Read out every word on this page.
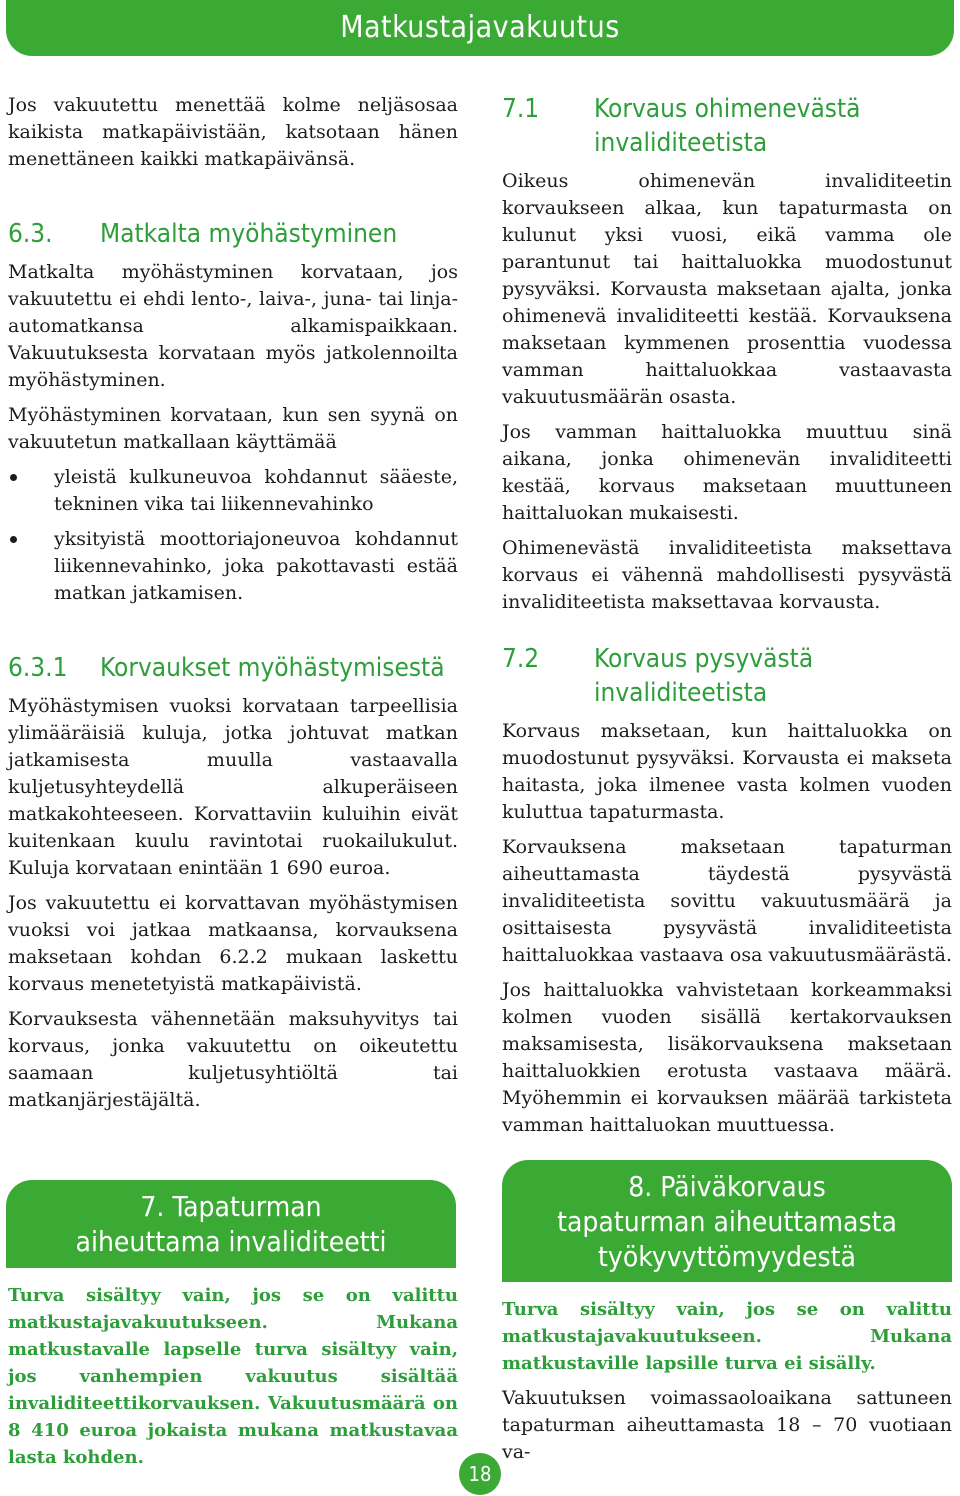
Matkustajavakuutus

Jos vakuutettu menettää kolme neljäsosaa kaikista matkapäivistään, katsotaan hänen menettäneen kaikki matkapäivänsä.

6.3.	Matkalta myöhästyminen

Matkalta myöhästyminen korvataan, jos vakuutettu ei ehdi lento-, laiva-, juna- tai linja-automatkansa alkamispaikkaan. Vakuutuksesta korvataan myös jatkolennoilta myöhästyminen.

Myöhästyminen korvataan, kun sen syynä on vakuutetun matkallaan käyttämää

yleistä kulkuneuvoa kohdannut sääeste, tekninen vika tai liikennevahinko
yksityistä moottoriajoneuvoa kohdannut liikennevahinko, joka pakottavasti estää matkan jatkamisen.
6.3.1	Korvaukset myöhästymisestä

Myöhästymisen vuoksi korvataan tarpeellisia ylimääräisiä kuluja, jotka johtuvat matkan jatkamisesta muulla vastaavalla kuljetusyhteydellä alkuperäiseen matkakohteeseen. Korvattaviin kuluihin eivät kuitenkaan kuulu ravintotai ruokailukulut. Kuluja korvataan enintään 1 690 euroa.

Jos vakuutettu ei korvattavan myöhästymisen vuoksi voi jatkaa matkaansa, korvauksena maksetaan kohdan 6.2.2 mukaan laskettu korvaus menetetyistä matkapäivistä.

Korvauksesta vähennetään maksuhyvitys tai korvaus, jonka vakuutettu on oikeutettu saamaan kuljetusyhtiöltä tai matkanjärjestäjältä.

7. Tapaturman aiheuttama invaliditeetti

Turva sisältyy vain, jos se on valittu matkustajavakuutukseen. Mukana matkustavalle lapselle turva sisältyy vain, jos vanhempien vakuutus sisältää invaliditeettikorvauksen. Vakuutusmäärä on 8 410 euroa jokaista mukana matkustavaa lasta kohden.

7.1	Korvaus ohimenevästä invaliditeetista

Oikeus ohimenevän invaliditeetin korvaukseen alkaa, kun tapaturmasta on kulunut yksi vuosi, eikä vamma ole parantunut tai haittaluokka muodostunut pysyväksi. Korvausta maksetaan ajalta, jonka ohimenevä invaliditeetti kestää. Korvauksena maksetaan kymmenen prosenttia vuodessa vamman haittaluokkaa vastaavasta vakuutusmäärän osasta.

Jos vamman haittaluokka muuttuu sinä aikana, jonka ohimenevän invaliditeetti kestää, korvaus maksetaan muuttuneen haittaluokan mukaisesti.

Ohimenevästä invaliditeetista maksettava korvaus ei vähennä mahdollisesti pysyvästä invaliditeetista maksettavaa korvausta.

7.2	Korvaus pysyvästä invaliditeetista

Korvaus maksetaan, kun haittaluokka on muodostunut pysyväksi. Korvausta ei makseta haitasta, joka ilmenee vasta kolmen vuoden kuluttua tapaturmasta.

Korvauksena maksetaan tapaturman aiheuttamasta täydestä pysyvästä invaliditeetista sovittu vakuutusmäärä ja osittaisesta pysyvästä invaliditeetista haittaluokkaa vastaava osa vakuutusmäärästä.

Jos haittaluokka vahvistetaan korkeammaksi kolmen vuoden sisällä kertakorvauksen maksamisesta, lisäkorvauksena maksetaan haittaluokkien erotusta vastaava määrä. Myöhemmin ei korvauksen määrää tarkisteta vamman haittaluokan muuttuessa.

8. Päiväkorvaus tapaturman aiheuttamasta työkyvyttömyydestä

Turva sisältyy vain, jos se on valittu matkustajavakuutukseen. Mukana matkustaville lapsille turva ei sisälly.

Vakuutuksen voimassaoloaikana sattuneen tapaturman aiheuttamasta 18 – 70 vuotiaan va-

18
